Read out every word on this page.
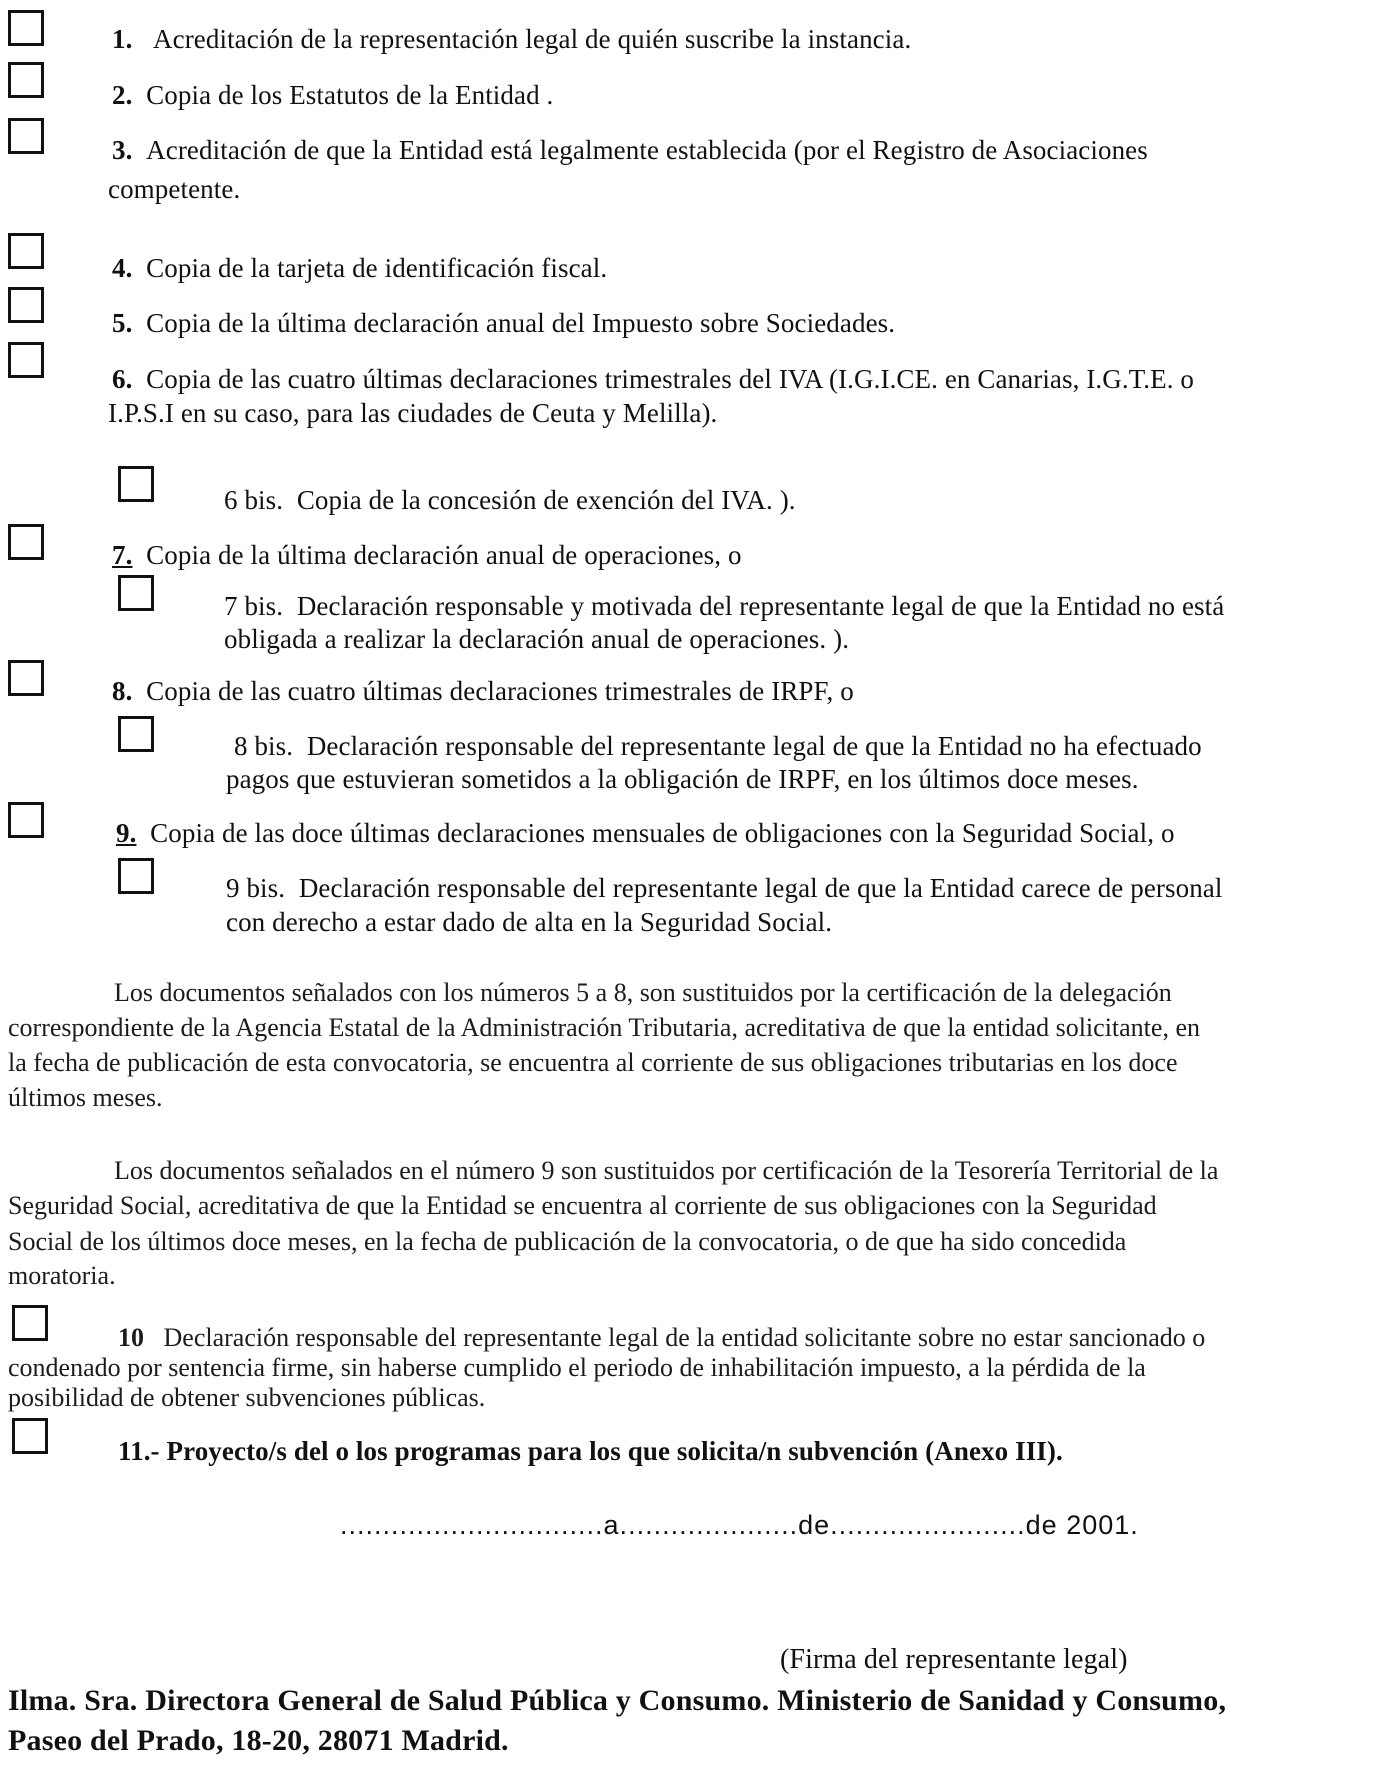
1. Acreditación de la representación legal de quién suscribe la instancia.
2. Copia de los Estatutos de la Entidad .
3. Acreditación de que la Entidad está legalmente establecida (por el Registro de Asociaciones
competente.
4. Copia de la tarjeta de identificación fiscal.
5. Copia de la última declaración anual del Impuesto sobre Sociedades.
6. Copia de las cuatro últimas declaraciones trimestrales del IVA (I.G.I.CE. en Canarias, I.G.T.E. o
I.P.S.I en su caso, para las ciudades de Ceuta y Melilla).
6 bis. Copia de la concesión de exención del IVA. ).
7. Copia de la última declaración anual de operaciones, o
7 bis. Declaración responsable y motivada del representante legal de que la Entidad no está
obligada a realizar la declaración anual de operaciones. ).
8. Copia de las cuatro últimas declaraciones trimestrales de IRPF, o
8 bis. Declaración responsable del representante legal de que la Entidad no ha efectuado
pagos que estuvieran sometidos a la obligación de IRPF, en los últimos doce meses.
9. Copia de las doce últimas declaraciones mensuales de obligaciones con la Seguridad Social, o
9 bis. Declaración responsable del representante legal de que la Entidad carece de personal
con derecho a estar dado de alta en la Seguridad Social.
Los documentos señalados con los números 5 a 8, son sustituidos por la certificación de la delegación
correspondiente de la Agencia Estatal de la Administración Tributaria, acreditativa de que la entidad solicitante, en
la fecha de publicación de esta convocatoria, se encuentra al corriente de sus obligaciones tributarias en los doce
últimos meses.
Los documentos señalados en el número 9 son sustituidos por certificación de la Tesorería Territorial de la
Seguridad Social, acreditativa de que la Entidad se encuentra al corriente de sus obligaciones con la Seguridad
Social de los últimos doce meses, en la fecha de publicación de la convocatoria, o de que ha sido concedida
moratoria.
10 Declaración responsable del representante legal de la entidad solicitante sobre no estar sancionado o
condenado por sentencia firme, sin haberse cumplido el periodo de inhabilitación impuesto, a la pérdida de la
posibilidad de obtener subvenciones públicas.
11.- Proyecto/s del o los programas para los que solicita/n subvención (Anexo III).
...............................a.....................de.......................de 2001.
(Firma del representante legal)
Ilma. Sra. Directora General de Salud Pública y Consumo. Ministerio de Sanidad y Consumo,
Paseo del Prado, 18-20, 28071 Madrid.
